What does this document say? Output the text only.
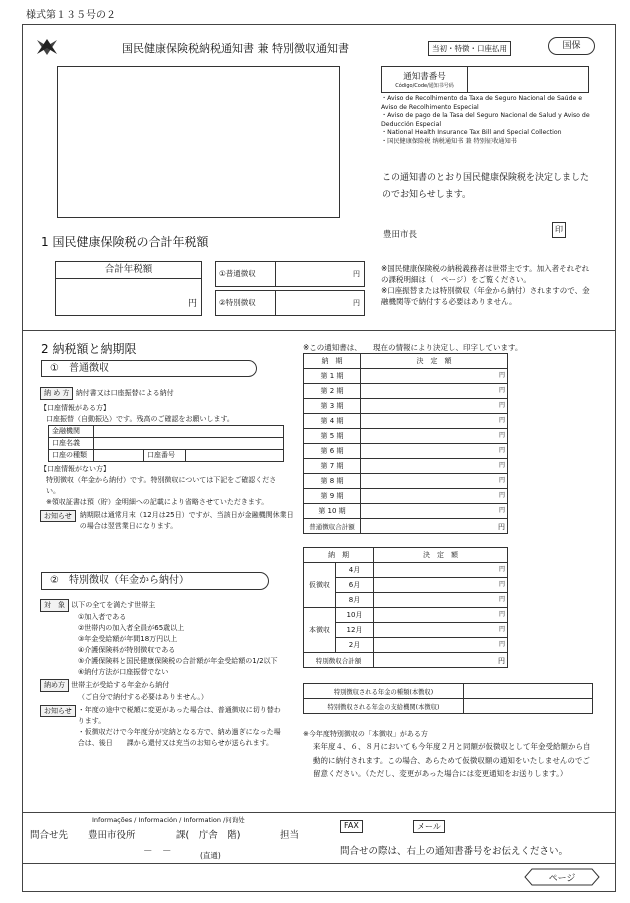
様式第１３５号の２
国民健康保険税納税通知書 兼 特別徴収通知書	当初・特徴・口座払用	国保
通知書番号
Código/Code/通知书号码
・Aviso de Recolhimento da Taxa de Seguro Nacional de Saúde e Aviso de Recolhimento Especial
・Aviso de pago de la Tasa del Seguro Nacional de Salud y Aviso de Deducción Especial
・National Health Insurance Tax Bill and Special Collection
・国民健康保险税 纳税通知书 兼 特别征收通知书
この通知書のとおり国民健康保険税を決定しましたのでお知らせします。
豊田市長
印
1 国民健康保険税の合計年税額
合計年税額
円
①普通徴収	円
②特別徴収	円
※国民健康保険税の納税義務者は世帯主です。加入者それぞれの課税明細は（　ページ）をご覧ください。
※口座振替または特別徴収（年金から納付）されますので、金融機関等で納付する必要はありません。
2 納税額と納期限
①　普通徴収
納 め 方 納付書又は口座振替による納付
【口座情報がある方】
口座振替（自動振込）です。残高のご確認をお願いします。
金融機関			
口座名義			
口座の種類		口座番号	
【口座情報がない方】
特別徴収（年金から納付）です。特別徴収については下記をご確認ください。
※領収証書は預（貯）金明細への記載により省略させていただきます。
お知らせ	納期限は通常月末（12月は25日）ですが、当該日が金融機関休業日の場合は翌営業日になります。
※この通知書は、　　現在の情報により決定し、印字しています。
納　期	決　定　額
第 1 期	円
第 2 期	円
第 3 期	円
第 4 期	円
第 5 期	円
第 6 期	円
第 7 期	円
第 8 期	円
第 9 期	円
第 10 期	円
普通徴収合計額	円
②　特別徴収（年金から納付）
対　象 以下の全てを満たす世帯主
①加入者である
②世帯内の加入者全員が65歳以上
③年金受給額が年間18万円以上
④介護保険料が特別徴収である
⑤介護保険料と国民健康保険税の合計額が年金受給額の1/2以下
⑥納付方法が口座振替でない
納め方 世帯主が受給する年金から納付
（ご自分で納付する必要はありません。）
お知らせ ・年度の途中で税額に変更があった場合は、普通徴収に切り替わります。
・仮徴収だけで今年度分が完納となる方で、納め過ぎになった場合は、後日　　課から還付又は充当のお知らせが送られます。
納　期		決　定　額
仮徴収	4月	円
	6月	円
	8月	円
本徴収	10月	円
	12月	円
	2月	円
特別徴収合計額		円
特別徴収される年金の種類(本徴収)	
特別徴収される年金の支給機関(本徴収)	
※今年度特別徴収の「本徴収」がある方
来年度４、６、８月においても今年度２月と同額が仮徴収として年金受給額から自動的に納付されます。この場合、あらためて仮徴収額の通知をいたしませんのでご留意ください。（ただし、変更があった場合には変更通知をお送りします。）
Informações / Información / Information /问询处
問合せ先 豊田市役所	課(　庁舎　階)	担当
－　－	(直通)
FAX	メール
問合せの際は、右上の通知書番号をお伝えください。
ページ
